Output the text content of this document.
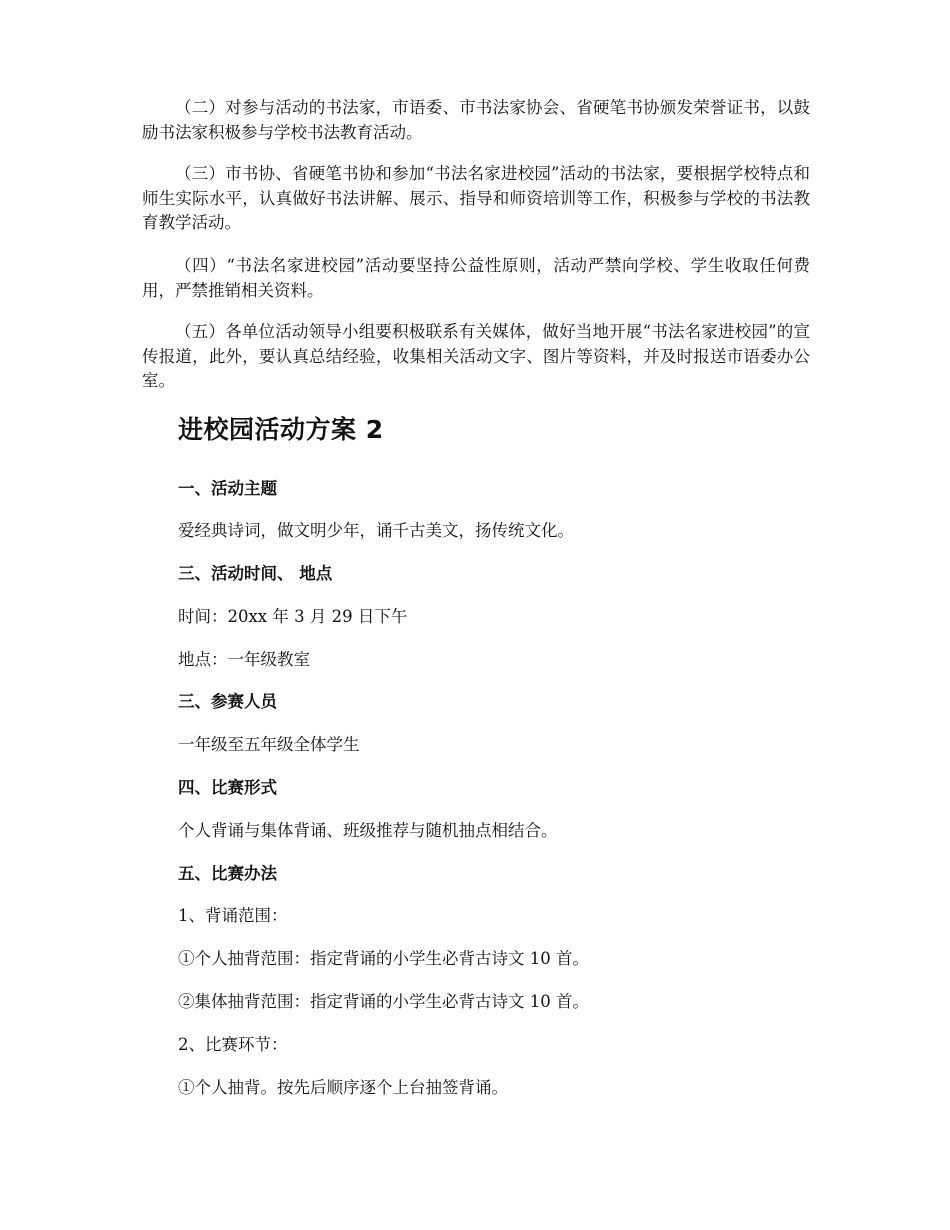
（二）对参与活动的书法家，市语委、市书法家协会、省硬笔书协颁发荣誉证书，以鼓励书法家积极参与学校书法教育活动。

（三）市书协、省硬笔书协和参加“书法名家进校园”活动的书法家，要根据学校特点和师生实际水平，认真做好书法讲解、展示、指导和师资培训等工作，积极参与学校的书法教育教学活动。

（四）“书法名家进校园”活动要坚持公益性原则，活动严禁向学校、学生收取任何费用，严禁推销相关资料。

（五）各单位活动领导小组要积极联系有关媒体，做好当地开展“书法名家进校园”的宣传报道，此外，要认真总结经验，收集相关活动文字、图片等资料，并及时报送市语委办公室。

进校园活动方案 2

一、活动主题

爱经典诗词，做文明少年，诵千古美文，扬传统文化。

三、活动时间、 地点

时间：20xx 年 3 月 29 日下午

地点：一年级教室

三、参赛人员

一年级至五年级全体学生

四、比赛形式

个人背诵与集体背诵、班级推荐与随机抽点相结合。

五、比赛办法

1、背诵范围：

①个人抽背范围：指定背诵的小学生必背古诗文 10 首。

②集体抽背范围：指定背诵的小学生必背古诗文 10 首。

2、比赛环节：

①个人抽背。按先后顺序逐个上台抽签背诵。
